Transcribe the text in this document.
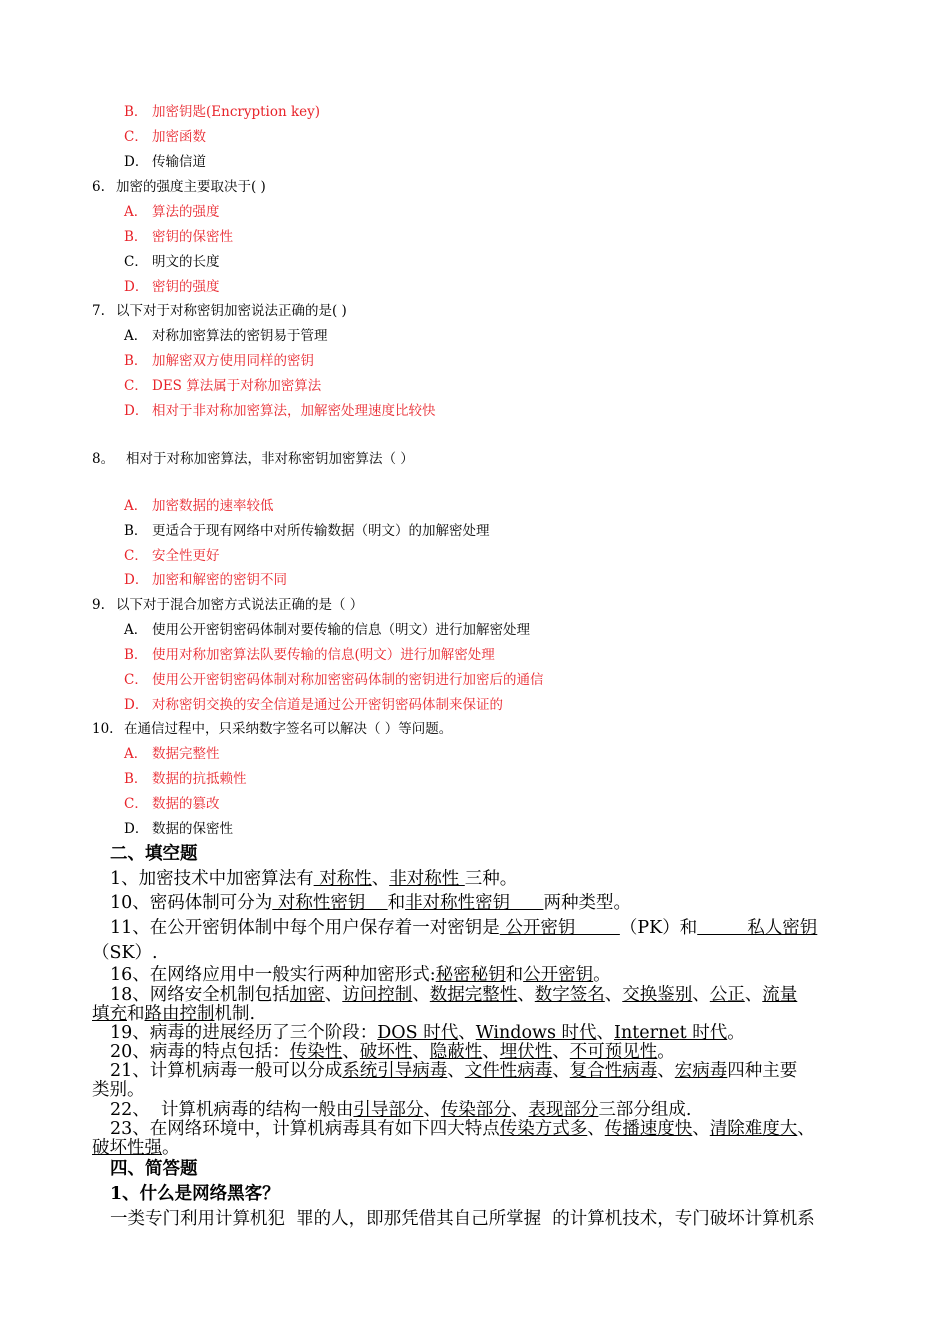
B． 加密钥匙(Encryption key)
C． 加密函数
D． 传输信道
6. 加密的强度主要取决于( )
A． 算法的强度
B． 密钥的保密性
C． 明文的长度
D． 密钥的强度
7. 以下对于对称密钥加密说法正确的是( )
A． 对称加密算法的密钥易于管理
B． 加解密双方使用同样的密钥
C． DES 算法属于对称加密算法
D． 相对于非对称加密算法，加解密处理速度比较快
8。 相对于对称加密算法，非对称密钥加密算法（ ）
A． 加密数据的速率较低
B． 更适合于现有网络中对所传输数据（明文）的加解密处理
C． 安全性更好
D． 加密和解密的密钥不同
9. 以下对于混合加密方式说法正确的是（ ）
A． 使用公开密钥密码体制对要传输的信息（明文）进行加解密处理
B． 使用对称加密算法队要传输的信息(明文）进行加解密处理
C． 使用公开密钥密码体制对称加密密码体制的密钥进行加密后的通信
D． 对称密钥交换的安全信道是通过公开密钥密码体制来保证的
10. 在通信过程中，只采纳数字签名可以解决（ ）等问题。
A． 数据完整性
B． 数据的抗抵赖性
C． 数据的篡改
D． 数据的保密性
二、填空题
1、加密技术中加密算法有 对称性、非对称性 三种。
10、密码体制可分为 对称性密钥    和非对称性密钥      两种类型。
11、在公开密钥体制中每个用户保存着一对密钥是 公开密钥        （PK）和         私人密钥
（SK）.
16、在网络应用中一般实行两种加密形式:秘密秘钥和公开密钥。
18、网络安全机制包括加密、访问控制、数据完整性、数字签名、交换鉴别、公正、流量
填充和路由控制机制.
19、病毒的进展经历了三个阶段：DOS 时代、Windows 时代、Internet 时代。
20、病毒的特点包括：传染性、破坏性、隐蔽性、埋伏性、不可预见性。
21、计算机病毒一般可以分成系统引导病毒、文件性病毒、复合性病毒、宏病毒四种主要
类别。
22、  计算机病毒的结构一般由引导部分、传染部分、表现部分三部分组成.
23、在网络环境中，计算机病毒具有如下四大特点传染方式多、传播速度快、清除难度大、
破坏性强。
四、简答题
1、什么是网络黑客？
一类专门利用计算机犯  罪的人，即那凭借其自己所掌握  的计算机技术，专门破坏计算机系
